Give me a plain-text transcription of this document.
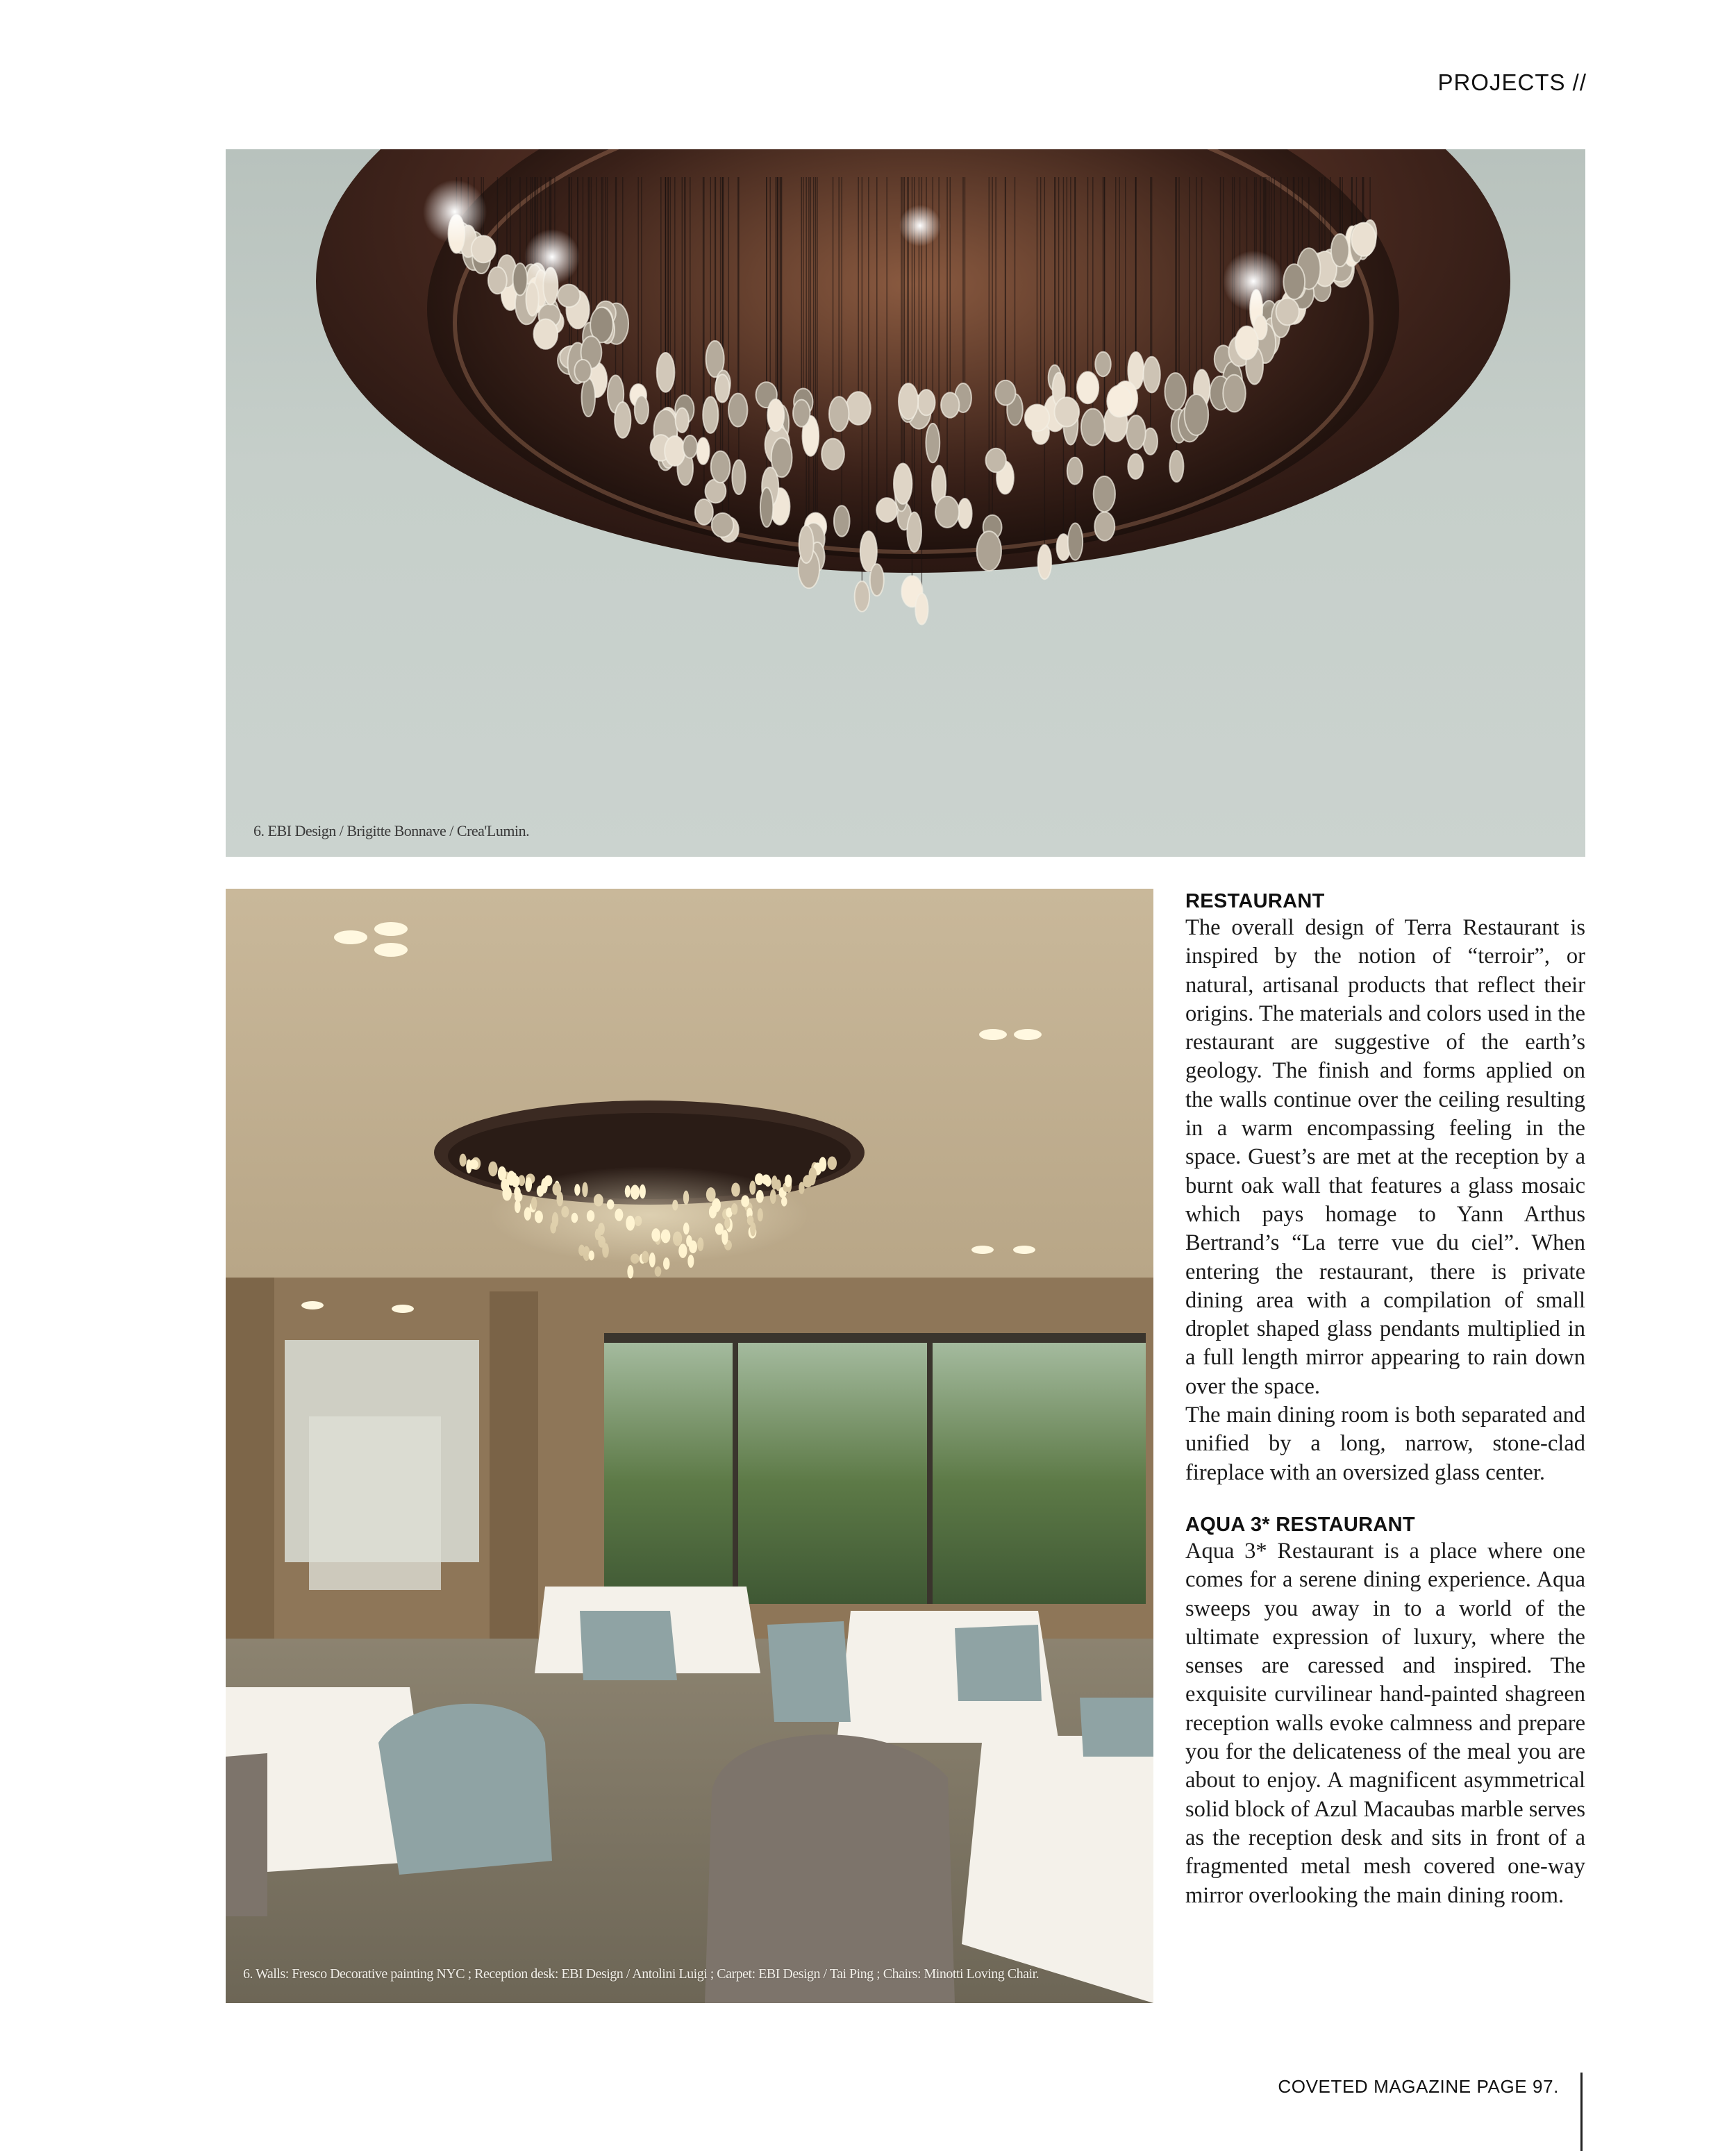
PROJECTS //
6. EBI Design / Brigitte Bonnave / Crea'Lumin.
6. Walls: Fresco Decorative painting NYC ; Reception desk: EBI Design / Antolini Luigi ; Carpet: EBI Design / Tai Ping ; Chairs: Minotti Loving Chair.
RESTAURANT

The overall design of Terra Restaurant is inspired by the notion of “terroir”, or natural, artisanal products that reflect their origins. The materials and colors used in the restaurant are suggestive of the earth’s geology. The finish and forms applied on the walls continue over the ceiling resulting in a warm encompassing feeling in the space. Guest’s are met at the reception by a burnt oak wall that features a glass mosaic which pays homage to Yann Arthus Bertrand’s “La terre vue du ciel”. When entering the restaurant, there is private dining area with a compilation of small droplet shaped glass pendants multiplied in a full length mirror appearing to rain down over the space.

The main dining room is both separated and unified by a long, narrow, stone-clad fireplace with an oversized glass center.

AQUA 3* RESTAURANT

Aqua 3* Restaurant is a place where one comes for a serene dining experience. Aqua sweeps you away in to a world of the ultimate expression of luxury, where the senses are caressed and inspired. The exquisite curvilinear hand-painted shagreen reception walls evoke calmness and prepare you for the delicateness of the meal you are about to enjoy. A magnificent asymmetrical solid block of Azul Macaubas marble serves as the reception desk and sits in front of a fragmented metal mesh covered one-way mirror overlooking the main dining room.

COVETED MAGAZINE PAGE 97.
